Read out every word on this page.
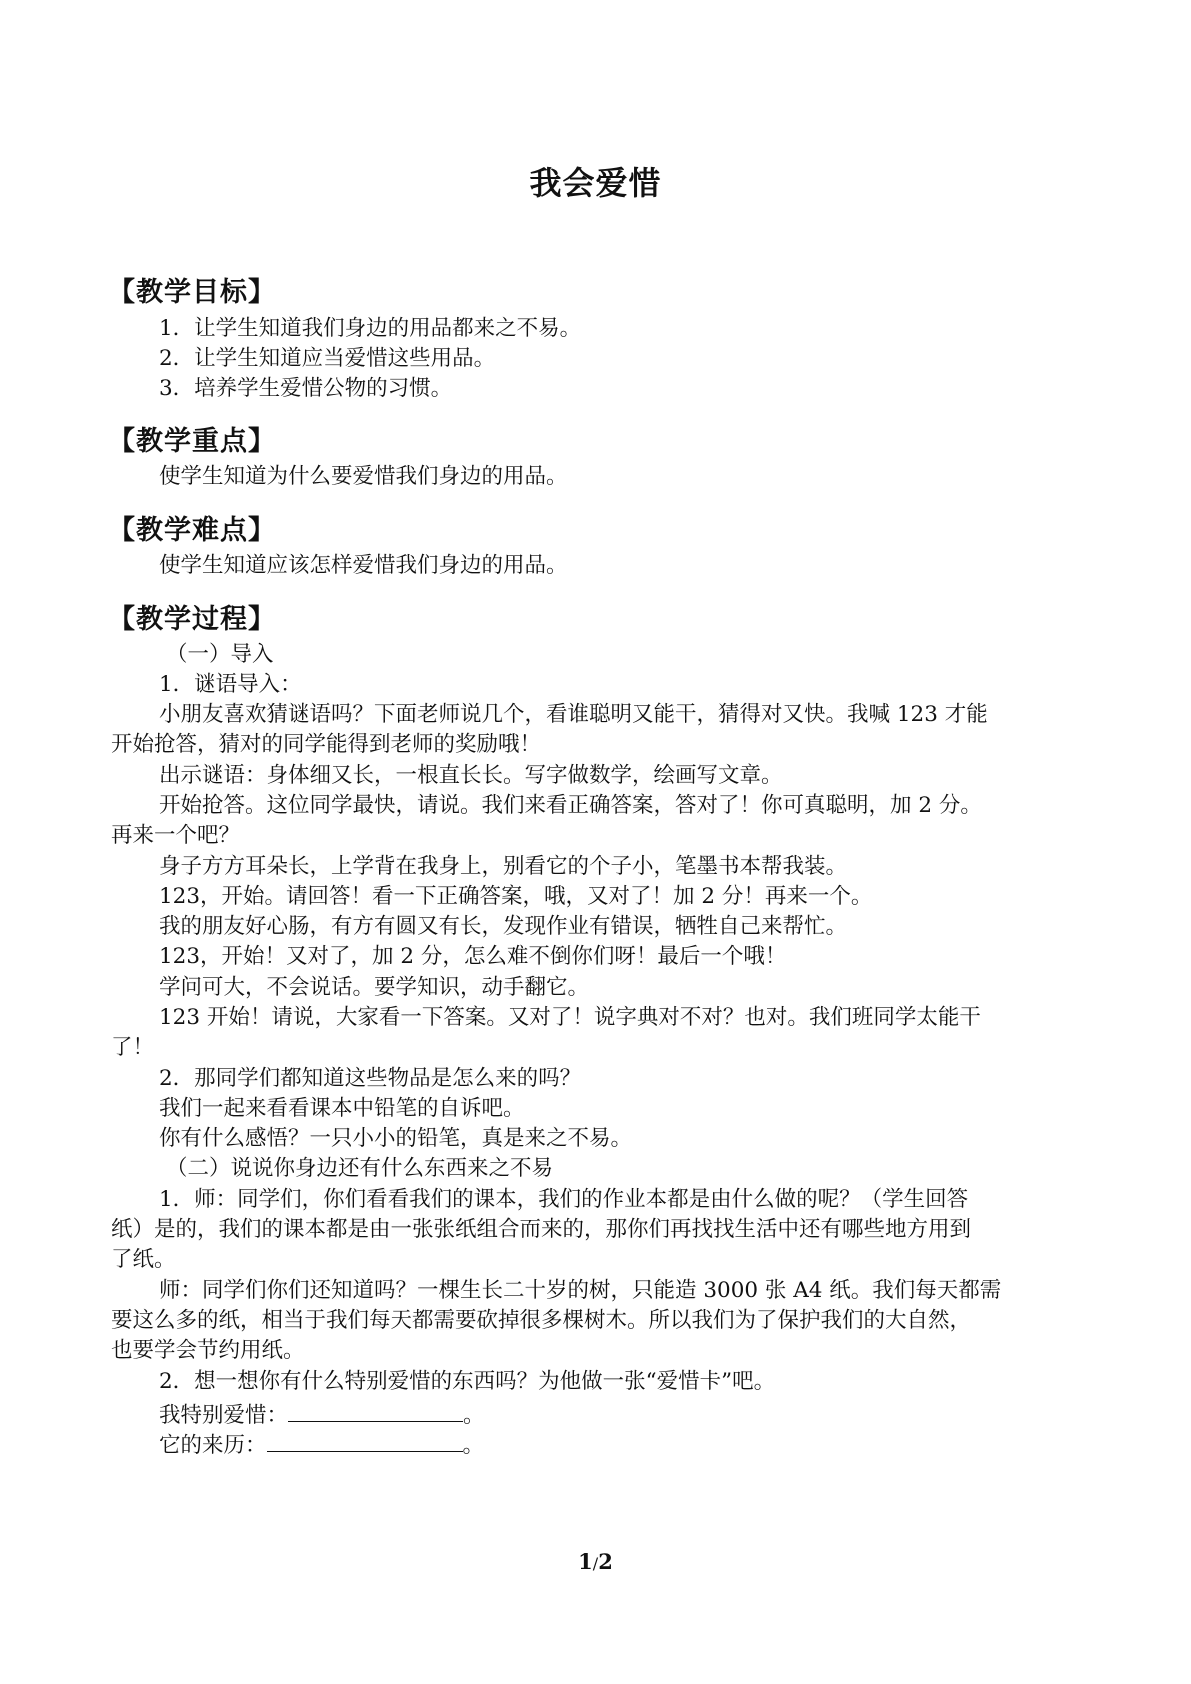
我会爱惜
【教学目标】
1．让学生知道我们身边的用品都来之不易。
2．让学生知道应当爱惜这些用品。
3．培养学生爱惜公物的习惯。
【教学重点】
使学生知道为什么要爱惜我们身边的用品。
【教学难点】
使学生知道应该怎样爱惜我们身边的用品。
【教学过程】
（一）导入
1．谜语导入：
小朋友喜欢猜谜语吗？下面老师说几个，看谁聪明又能干，猜得对又快。我喊 123 才能
开始抢答，猜对的同学能得到老师的奖励哦！
出示谜语：身体细又长，一根直长长。写字做数学，绘画写文章。
开始抢答。这位同学最快，请说。我们来看正确答案，答对了！你可真聪明，加 2 分。
再来一个吧？
身子方方耳朵长，上学背在我身上，别看它的个子小，笔墨书本帮我装。
123，开始。请回答！看一下正确答案，哦，又对了！加 2 分！再来一个。
我的朋友好心肠，有方有圆又有长，发现作业有错误，牺牲自己来帮忙。
123，开始！又对了，加 2 分，怎么难不倒你们呀！最后一个哦！
学问可大，不会说话。要学知识，动手翻它。
123 开始！请说，大家看一下答案。又对了！说字典对不对？也对。我们班同学太能干
了！
2．那同学们都知道这些物品是怎么来的吗？
我们一起来看看课本中铅笔的自诉吧。
你有什么感悟？一只小小的铅笔，真是来之不易。
（二）说说你身边还有什么东西来之不易
1．师：同学们，你们看看我们的课本，我们的作业本都是由什么做的呢？（学生回答
纸）是的，我们的课本都是由一张张纸组合而来的，那你们再找找生活中还有哪些地方用到
了纸。
师：同学们你们还知道吗？一棵生长二十岁的树，只能造 3000 张 A4 纸。我们每天都需
要这么多的纸，相当于我们每天都需要砍掉很多棵树木。所以我们为了保护我们的大自然，
也要学会节约用纸。
2．想一想你有什么特别爱惜的东西吗？为他做一张“爱惜卡”吧。
我特别爱惜：	。
它的来历：	。
1/2
